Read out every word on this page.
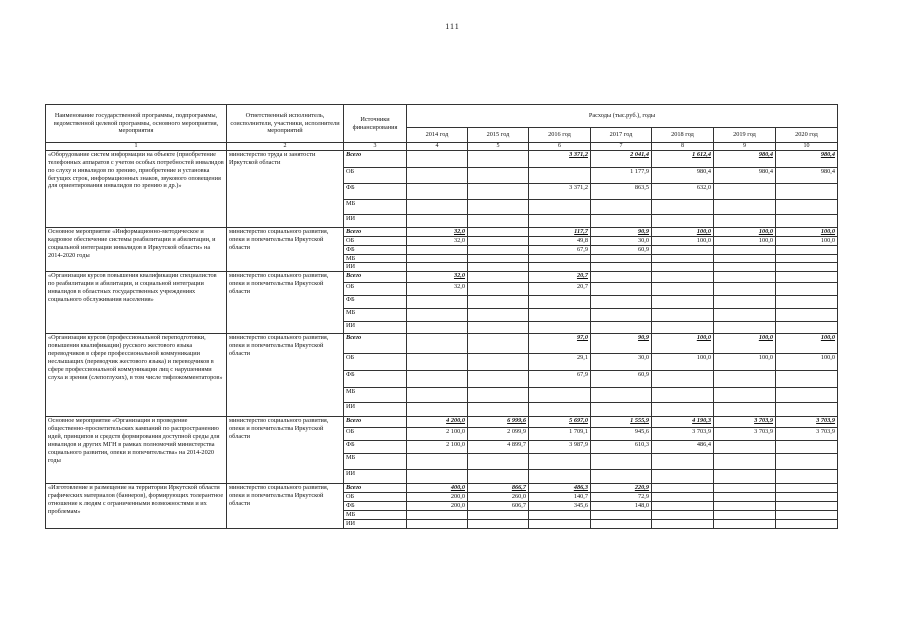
111
Наименование государственной программы, подпрограммы, ведомственной целевой программы, основного мероприятия, мероприятия	Ответственный исполнитель, соисполнители, участники, исполнители мероприятий	Источники финансирования	Расходы (тыс.руб.), годы						
			2014 год	2015 год	2016 год	2017 год	2018 год	2019 год	2020 год
1	2	3	4	5	6	7	8	9	10
«Оборудование систем информации на объекте (приобретение телефонных аппаратов с учетом особых потребностей инвалидов по слуху и инвалидов по зрению, приобретение и установка бегущих строк, информационных знаков, звукового оповещения для ориентирования инвалидов по зрению и др.)»	министерство труда и занятости Иркутской области	Всего			3 371,2	2 041,4	1 612,4	980,4	980,4
		ОБ				1 177,9	980,4	980,4	980,4
		ФБ			3 371,2	863,5	632,0		
		МБ							
		ИИ							
Основное мероприятие «Информационно-методическое и кадровое обеспечение системы реабилитации и абилитации, и социальной интеграции инвалидов в Иркутской области» на 2014-2020 годы	министерство социального развития, опеки и попечительства Иркутской области	Всего	32,0		117,7	90,9	100,0	100,0	100,0
		ОБ	32,0		49,8	30,0	100,0	100,0	100,0
		ФБ			67,9	60,9			
		МБ							
		ИИ							
«Организация курсов повышения квалификации специалистов по реабилитации и абилитации, и социальной интеграции инвалидов в областных государственных учреждениях социального обслуживания населения»	министерство социального развития, опеки и попечительства Иркутской области	Всего	32,0		20,7				
		ОБ	32,0		20,7				
		ФБ							
		МБ							
		ИИ							
«Организация курсов (профессиональной переподготовки, повышения квалификации) русского жестового языка переводчиков в сфере профессиональной коммуникации неслышащих (переводчик жестового языка) и переводчиков в сфере профессиональной коммуникации лиц с нарушениями слуха и зрения (слепоглухих), в том числе тифлокомментаторов»	министерство социального развития, опеки и попечительства Иркутской области	Всего			97,0	90,9	100,0	100,0	100,0
		ОБ			29,1	30,0	100,0	100,0	100,0
		ФБ			67,9	60,9			
		МБ							
		ИИ							
Основное мероприятие «Организация и проведение общественно-просветительских кампаний по распространению идей, принципов и средств формирования доступной среды для инвалидов и других МГН в рамках полномочий министерства социального развития, опеки и попечительства» на 2014-2020 годы	министерство социального развития, опеки и попечительства Иркутской области	Всего	4 200,0	6 999,6	5 697,0	1 555,9	4 190,3	3 703,9	3 703,9
		ОБ	2 100,0	2 099,9	1 709,1	945,6	3 703,9	3 703,9	3 703,9
		ФБ	2 100,0	4 899,7	3 987,9	610,3	486,4		
		МБ							
		ИИ							
«Изготовление и размещение на территории Иркутской области графических материалов (баннеров), формирующих толерантное отношение к людям с ограниченными возможностями и их проблемам»	министерство социального развития, опеки и попечительства Иркутской области	Всего	400,0	866,7	486,3	220,9			
		ОБ	200,0	260,0	140,7	72,9			
		ФБ	200,0	606,7	345,6	148,0			
		МБ							
		ИИ							
